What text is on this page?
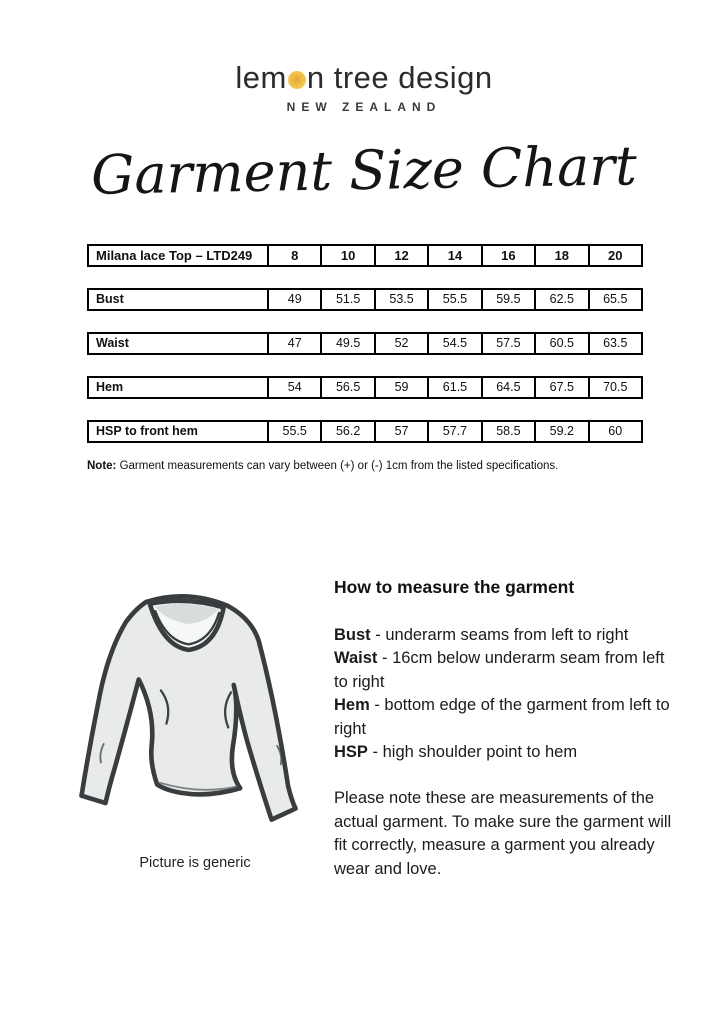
lem n tree design
NEW ZEALAND
Garment Size Chart
Milana lace Top – LTD249	8	10	12	14	16	18	20
Bust	49	51.5	53.5	55.5	59.5	62.5	65.5
Waist	47	49.5	52	54.5	57.5	60.5	63.5
Hem	54	56.5	59	61.5	64.5	67.5	70.5
HSP to front hem	55.5	56.2	57	57.7	58.5	59.2	60
Note: Garment measurements can vary between (+) or (-) 1cm from the listed specifications.
Picture is generic
How to measure the garment

Bust - underarm seams from left to right

Waist - 16cm below underarm seam from left to right

Hem - bottom edge of the garment from left to right

HSP - high shoulder point to hem

Please note these are measurements of the actual garment. To make sure the garment will fit correctly, measure a garment you already wear and love.
